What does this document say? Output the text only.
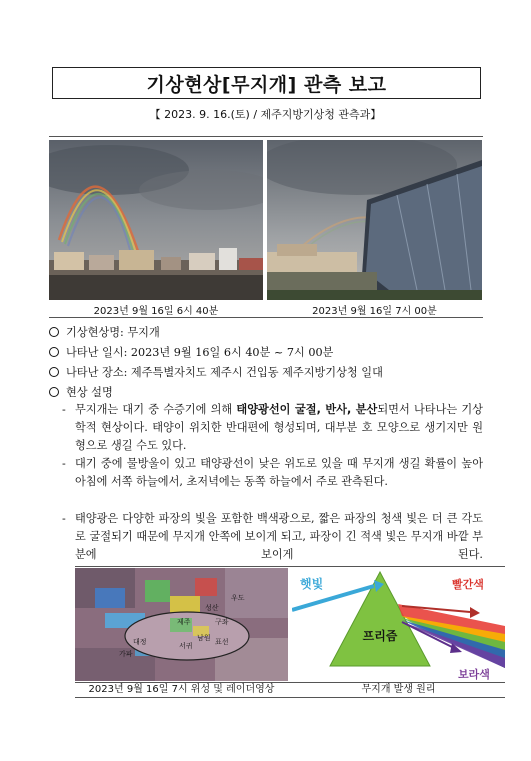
기상현상[무지개] 관측 보고
【 2023. 9. 16.(토) / 제주지방기상청 관측과】
2023년 9월 16일 6시 40분	2023년 9월 16일 7시 00분
기상현상명: 무지개
나타난 일시: 2023년 9월 16일 6시 40분 ~ 7시 00분
나타난 장소: 제주특별자치도 제주시 건입동 제주지방기상청 일대
현상 설명
- 무지개는 대기 중 수증기에 의해 태양광선이 굴절, 반사, 분산되면서 나타나는 기상학적 현상이다. 태양이 위치한 반대편에 형성되며, 대부분 호 모양으로 생기지만 원형으로 생길 수도 있다.
- 대기 중에 물방울이 있고 태양광선이 낮은 위도로 있을 때 무지개 생길 확률이 높아 아침에 서쪽 하늘에서, 초저녁에는 동쪽 하늘에서 주로 관측된다.
- 태양광은 다양한 파장의 빛을 포함한 백색광으로, 짧은 파장의 청색 빛은 더 큰 각도로 굴절되기 때문에 무지개 안쪽에 보이게 되고, 파장이 긴 적색 빛은 무지개 바깥 부분에 보이게 된다.
우도
성산
제주	구좌
표선
서귀
남원
대정
가파
햇빛
프리즘
빨간색
보라색
2023년 9월 16일 7시 위성 및 레이더영상	무지개 발생 원리
